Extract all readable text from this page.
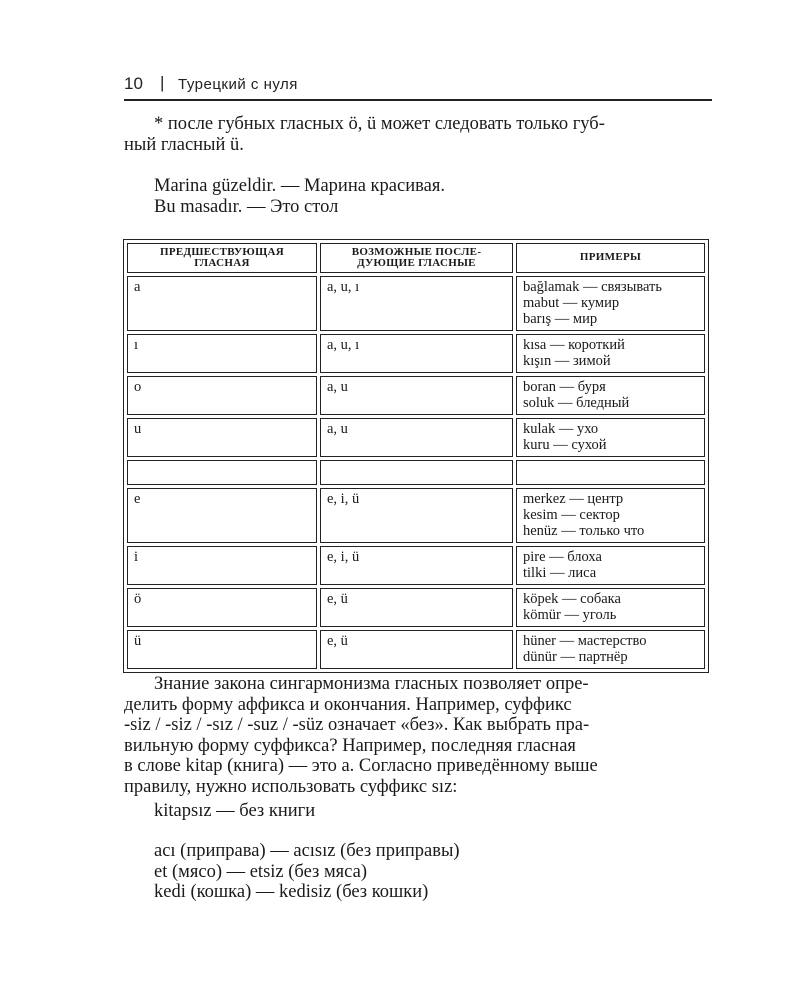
10 | Турецкий с нуля
* после губных гласных ö, ü может следовать только губ-
ный гласный ü.
Marina güzeldir. — Марина красивая.
Bu masadır. — Это стол
ПРЕДШЕСТВУЮЩАЯ ГЛАСНАЯ	ВОЗМОЖНЫЕ ПОСЛЕ- ДУЮЩИЕ ГЛАСНЫЕ	ПРИМЕРЫ
a	a, u, ı	bağlamak — связывать
mabut — кумир
barış — мир

ı	a, u, ı	kısa — короткий
kışın — зимой

o	a, u	boran — буря
soluk — бледный

u	a, u	kulak — ухо
kuru — сухой

e	e, i, ü	merkez — центр
kesim — сектор
henüz — только что

i	e, i, ü	pire — блоха
tilki — лиса

ö	e, ü	köpek — собака
kömür — уголь

ü	e, ü	hüner — мастерство
dünür — партнёр
Знание закона сингармонизма гласных позволяет опре-
делить форму аффикса и окончания. Например, суффикс
-siz / -siz / -sız / -suz / -süz означает «без». Как выбрать пра-
вильную форму суффикса? Например, последняя гласная
в слове kitap (книга) — это a. Согласно приведённому выше
правилу, нужно использовать суффикс sız:
kitapsız — без книги
acı (приправа) — acısız (без приправы)
et (мясо) — etsiz (без мяса)
kedi (кошка) — kedisiz (без кошки)
